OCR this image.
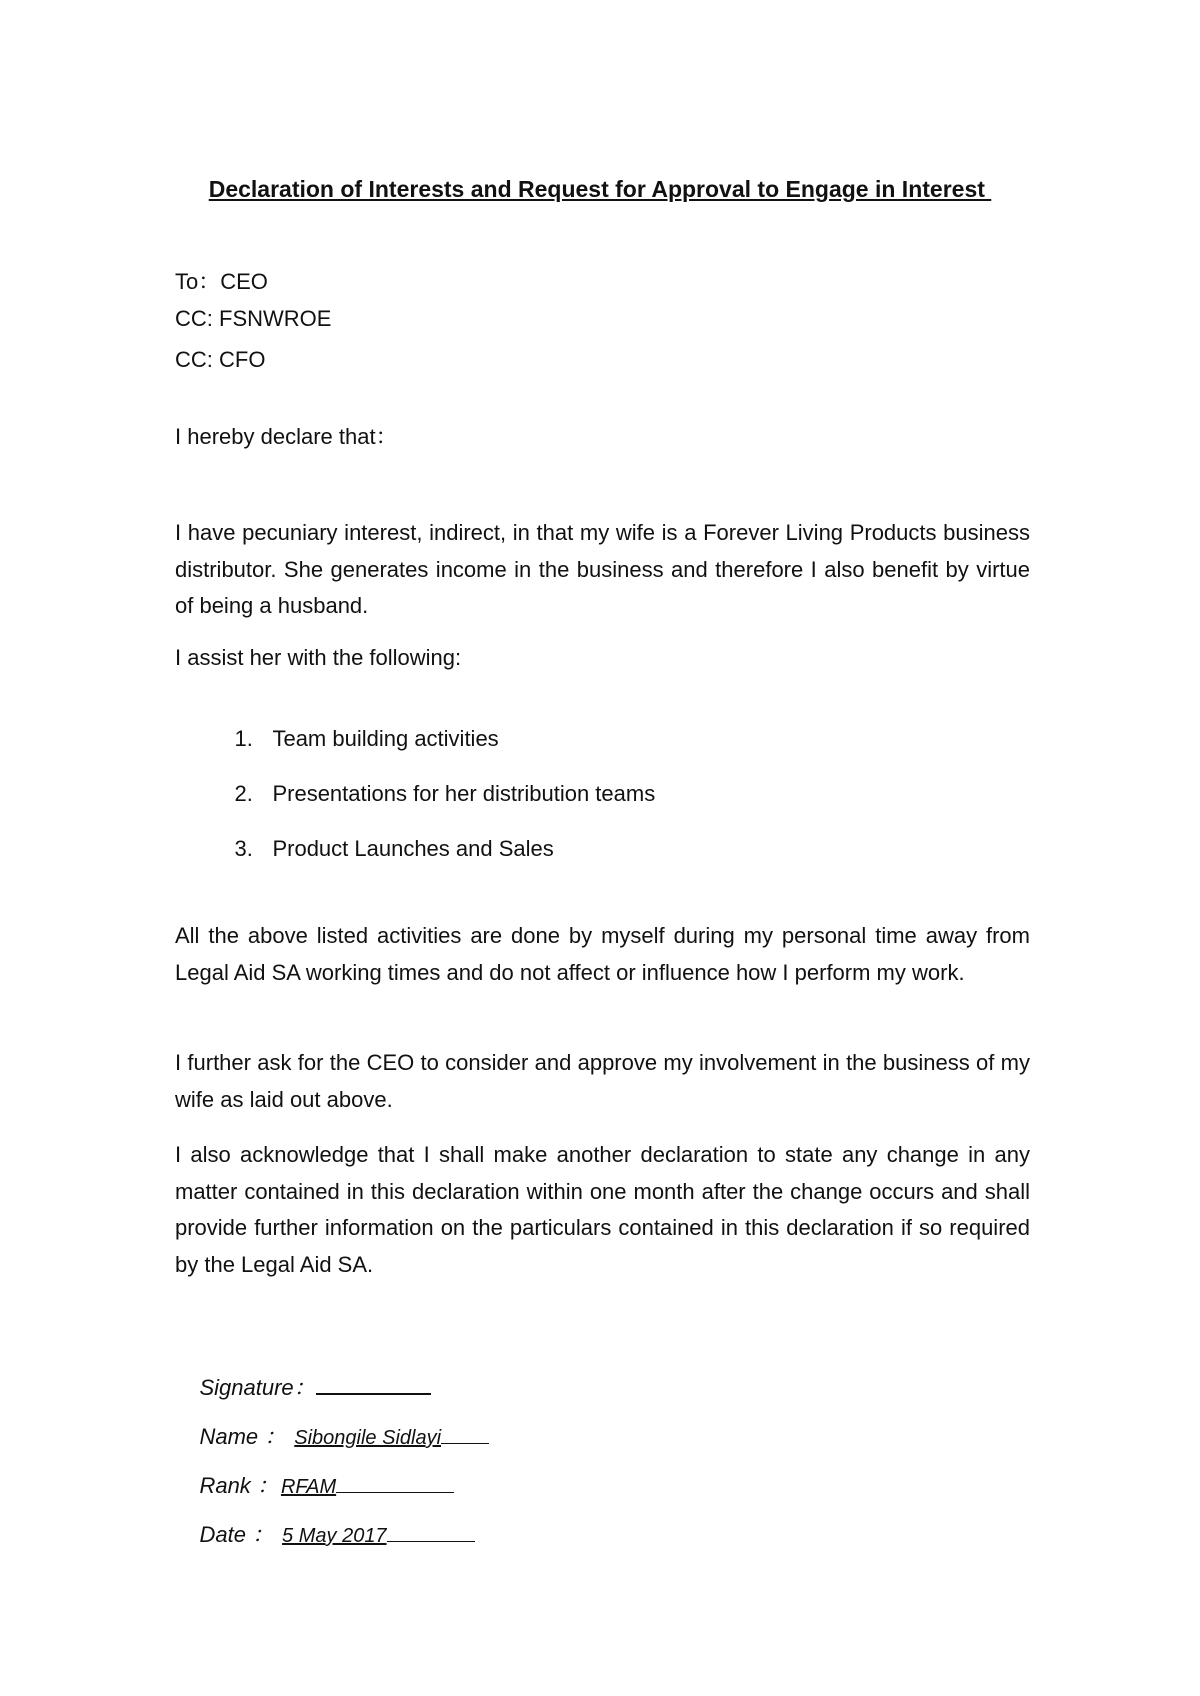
Declaration of Interests and Request for Approval to Engage in Interest
To：CEO
CC: FSNWROE
CC: CFO
I hereby declare that：
I have pecuniary interest, indirect, in that my wife is a Forever Living Products business distributor. She generates income in the business and therefore I also benefit by virtue of being a husband.
I assist her with the following:

1. Team building activities

2. Presentations for her distribution teams

3. Product Launches and Sales

All the above listed activities are done by myself during my personal time away from Legal Aid SA working times and do not affect or influence how I perform my work.
I further ask for the CEO to consider and approve my involvement in the business of my wife as laid out above.
I also acknowledge that I shall make another declaration to state any change in any matter contained in this declaration within one month after the change occurs and shall provide further information on the particulars contained in this declaration if so required by the Legal Aid SA.

Signature：

Name ： Sibongile Sidlayi

Rank ： RFAM

Date ： 5 May 2017
